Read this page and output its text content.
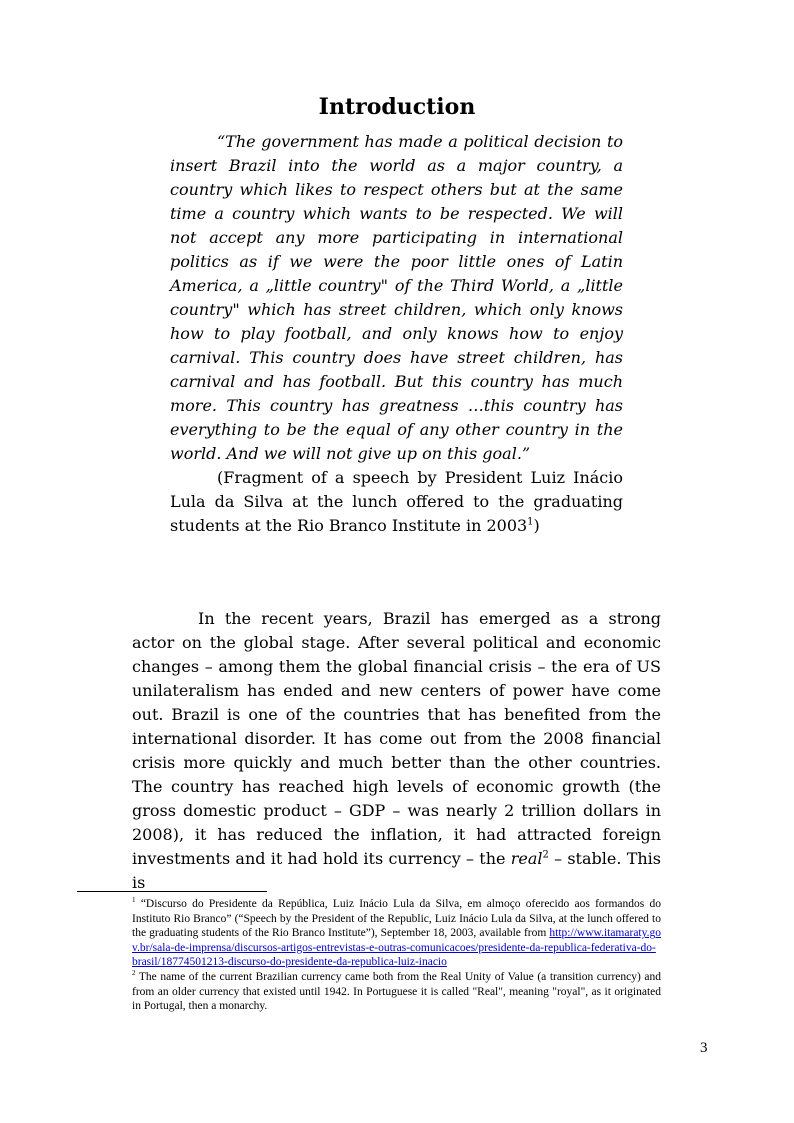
Introduction

“The government has made a political decision to insert Brazil into the world as a major country, a country which likes to respect others but at the same time a country which wants to be respected. We will not accept any more participating in international politics as if we were the poor little ones of Latin America, a „little country" of the Third World, a „little country" which has street children, which only knows how to play football, and only knows how to enjoy carnival. This country does have street children, has carnival and has football. But this country has much more. This country has greatness …this country has everything to be the equal of any other country in the world. And we will not give up on this goal.”

(Fragment of a speech by President Luiz Inácio Lula da Silva at the lunch offered to the graduating students at the Rio Branco Institute in 2003$^1$)

In the recent years, Brazil has emerged as a strong actor on the global stage. After several political and economic changes – among them the global financial crisis – the era of US unilateralism has ended and new centers of power have come out. Brazil is one of the countries that has benefited from the international disorder. It has come out from the 2008 financial crisis more quickly and much better than the other countries. The country has reached high levels of economic growth (the gross domestic product – GDP – was nearly 2 trillion dollars in 2008), it has reduced the inflation, it had attracted foreign investments and it had hold its currency – the real$^2$ – stable. This is

$^1$ “Discurso do Presidente da República, Luiz Inácio Lula da Silva, em almoço oferecido aos formandos do Instituto Rio Branco” (“Speech by the President of the Republic, Luiz Inácio Lula da Silva, at the lunch offered to the graduating students of the Rio Branco Institute”), September 18, 2003, available from http://www.itamaraty.gov.br/sala-de-imprensa/discursos-artigos-entrevistas-e-outras-comunicacoes/presidente-da-republica-federativa-do-brasil/18774501213-discurso-do-presidente-da-republica-luiz-inacio

$^2$ The name of the current Brazilian currency came both from the Real Unity of Value (a transition currency) and from an older currency that existed until 1942. In Portuguese it is called "Real", meaning "royal", as it originated in Portugal, then a monarchy.

3
